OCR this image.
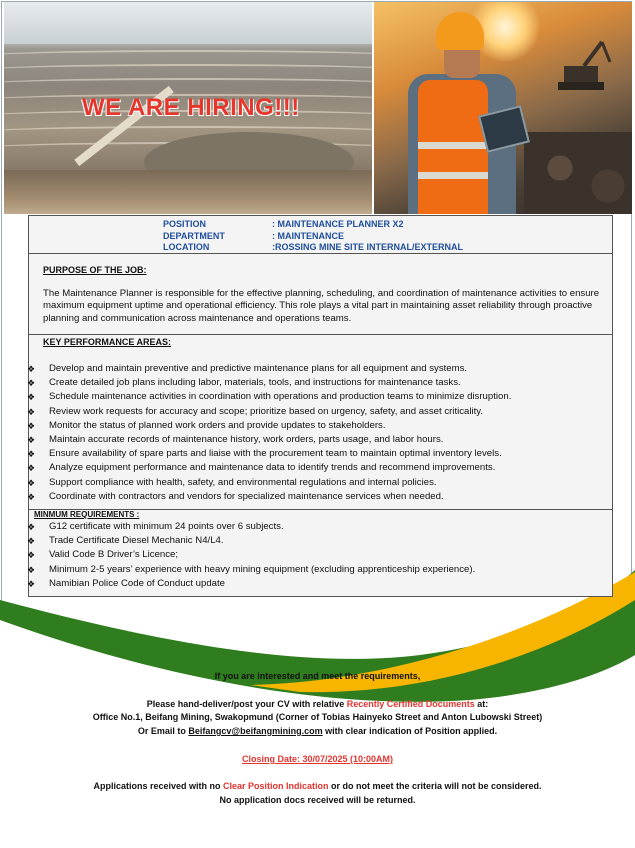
WE ARE HIRING!!!
POSITION	: MAINTENANCE PLANNER X2
DEPARTMENT	: MAINTENANCE
LOCATION	:ROSSING MINE SITE INTERNAL/EXTERNAL
PURPOSE OF THE JOB:
The Maintenance Planner is responsible for the effective planning, scheduling, and coordination of maintenance activities to ensure maximum equipment uptime and operational efficiency. This role plays a vital part in maintaining asset reliability through proactive planning and communication across maintenance and operations teams.
KEY PERFORMANCE AREAS:
❖ Develop and maintain preventive and predictive maintenance plans for all equipment and systems.
❖ Create detailed job plans including labor, materials, tools, and instructions for maintenance tasks.
❖ Schedule maintenance activities in coordination with operations and production teams to minimize disruption.
❖ Review work requests for accuracy and scope; prioritize based on urgency, safety, and asset criticality.
❖ Monitor the status of planned work orders and provide updates to stakeholders.
❖ Maintain accurate records of maintenance history, work orders, parts usage, and labor hours.
❖ Ensure availability of spare parts and liaise with the procurement team to maintain optimal inventory levels.
❖ Analyze equipment performance and maintenance data to identify trends and recommend improvements.
❖ Support compliance with health, safety, and environmental regulations and internal policies.
❖ Coordinate with contractors and vendors for specialized maintenance services when needed.
MINMUM REQUIREMENTS :
❖ G12 certificate with minimum 24 points over 6 subjects.
❖ Trade Certificate Diesel Mechanic N4/L4.
❖ Valid Code B Driver’s Licence;
❖ Minimum 2-5 years’ experience with heavy mining equipment (excluding apprenticeship experience).
❖ Namibian Police Code of Conduct update
If you are interested and meet the requirements,
Please hand-deliver/post your CV with relative Recently Certified Documents at:
Office No.1, Beifang Mining, Swakopmund (Corner of Tobias Hainyeko Street and Anton Lubowski Street)
Or Email to Beifangcv@beifangmining.com with clear indication of Position applied.
Closing Date: 30/07/2025 (10:00AM)
Applications received with no Clear Position Indication or do not meet the criteria will not be considered.
No application docs received will be returned.
